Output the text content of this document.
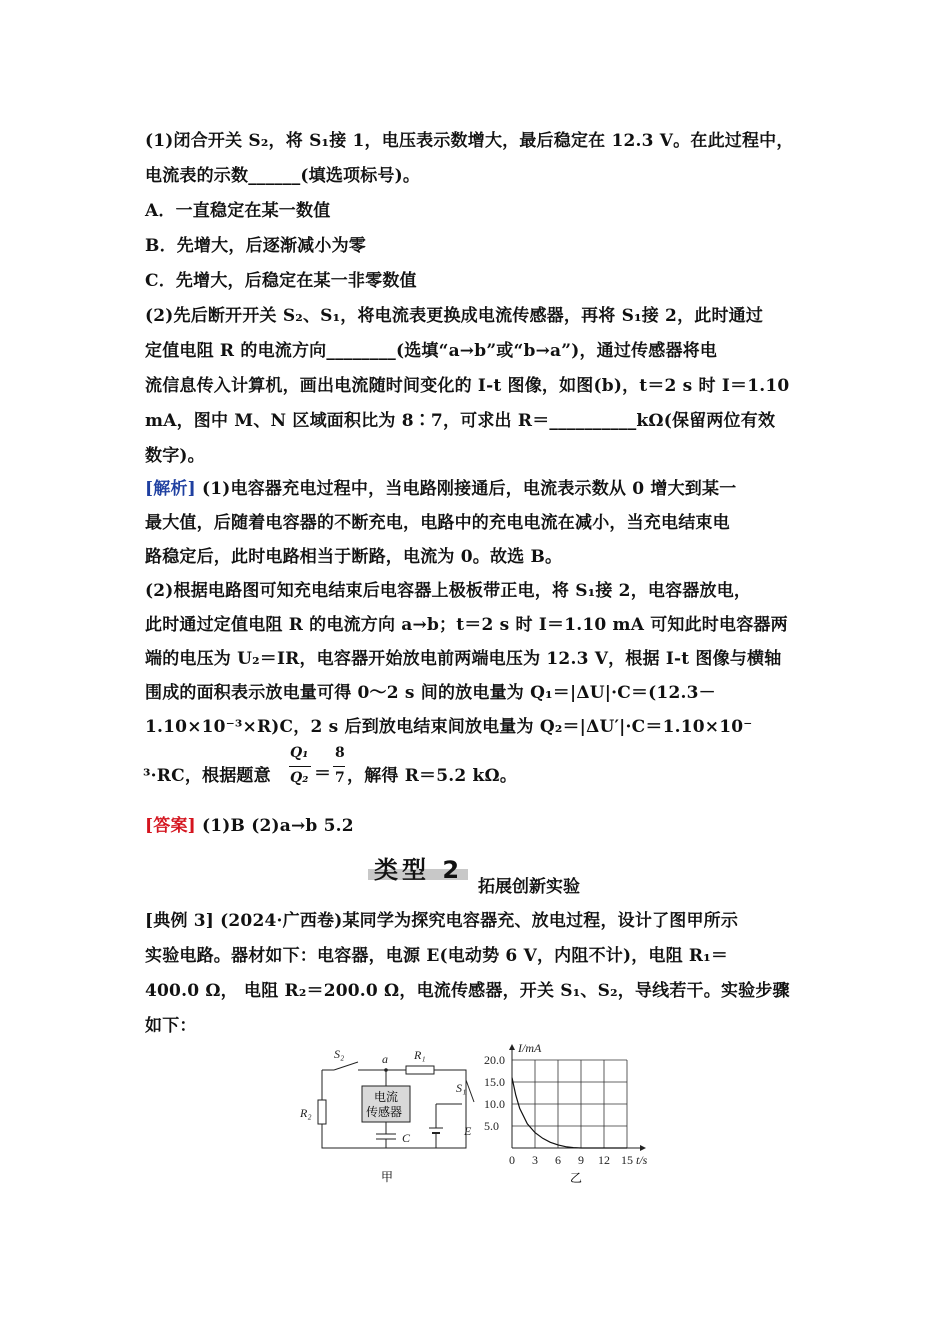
(1)闭合开关 S₂，将 S₁接 1，电压表示数增大，最后稳定在 12.3 V。在此过程中，
电流表的示数______(填选项标号)。
A．一直稳定在某一数值
B．先增大，后逐渐减小为零
C．先增大，后稳定在某一非零数值
(2)先后断开开关 S₂、S₁，将电流表更换成电流传感器，再将 S₁接 2，此时通过
定值电阻 R 的电流方向________(选填“a→b”或“b→a”)，通过传感器将电
流信息传入计算机，画出电流随时间变化的 I-t 图像，如图(b)，t＝2 s 时 I＝1.10
mA，图中 M、N 区域面积比为 8∶7，可求出 R＝__________kΩ(保留两位有效
数字)。
[解析] (1)电容器充电过程中，当电路刚接通后，电流表示数从 0 增大到某一
最大值，后随着电容器的不断充电，电路中的充电电流在减小，当充电结束电
路稳定后，此时电路相当于断路，电流为 0。故选 B。
(2)根据电路图可知充电结束后电容器上极板带正电，将 S₁接 2，电容器放电，
此时通过定值电阻 R 的电流方向 a→b；t＝2 s 时 I＝1.10 mA 可知此时电容器两
端的电压为 U₂＝IR，电容器开始放电前两端电压为 12.3 V，根据 I-t 图像与横轴
围成的面积表示放电量可得 0～2 s 间的放电量为 Q₁＝|ΔU|·C＝(12.3－
1.10×10⁻³×R)C，2 s 后到放电结束间放电量为 Q₂＝|ΔU′|·C＝1.10×10⁻
³·RC，根据题意
Q₁
Q₂ ＝
8
7 ，解得 R＝5.2 kΩ。
[答案] (1)B (2)a→b 5.2
类型 2
拓展创新实验
[典例 3] (2024·广西卷)某同学为探究电容器充、放电过程，设计了图甲所示
实验电路。器材如下：电容器，电源 E(电动势 6 V，内阻不计)，电阻 R₁＝
400.0 Ω， 电阻 R₂＝200.0 Ω，电流传感器，开关 S₁、S₂，导线若干。实验步骤
如下：
S₂	a R₁
S₁
R₂
C	E
电流
传感器
甲
20.0
15.0
10.0
5.0
0 3 6 9 12 15
I/mA
t/s
乙
